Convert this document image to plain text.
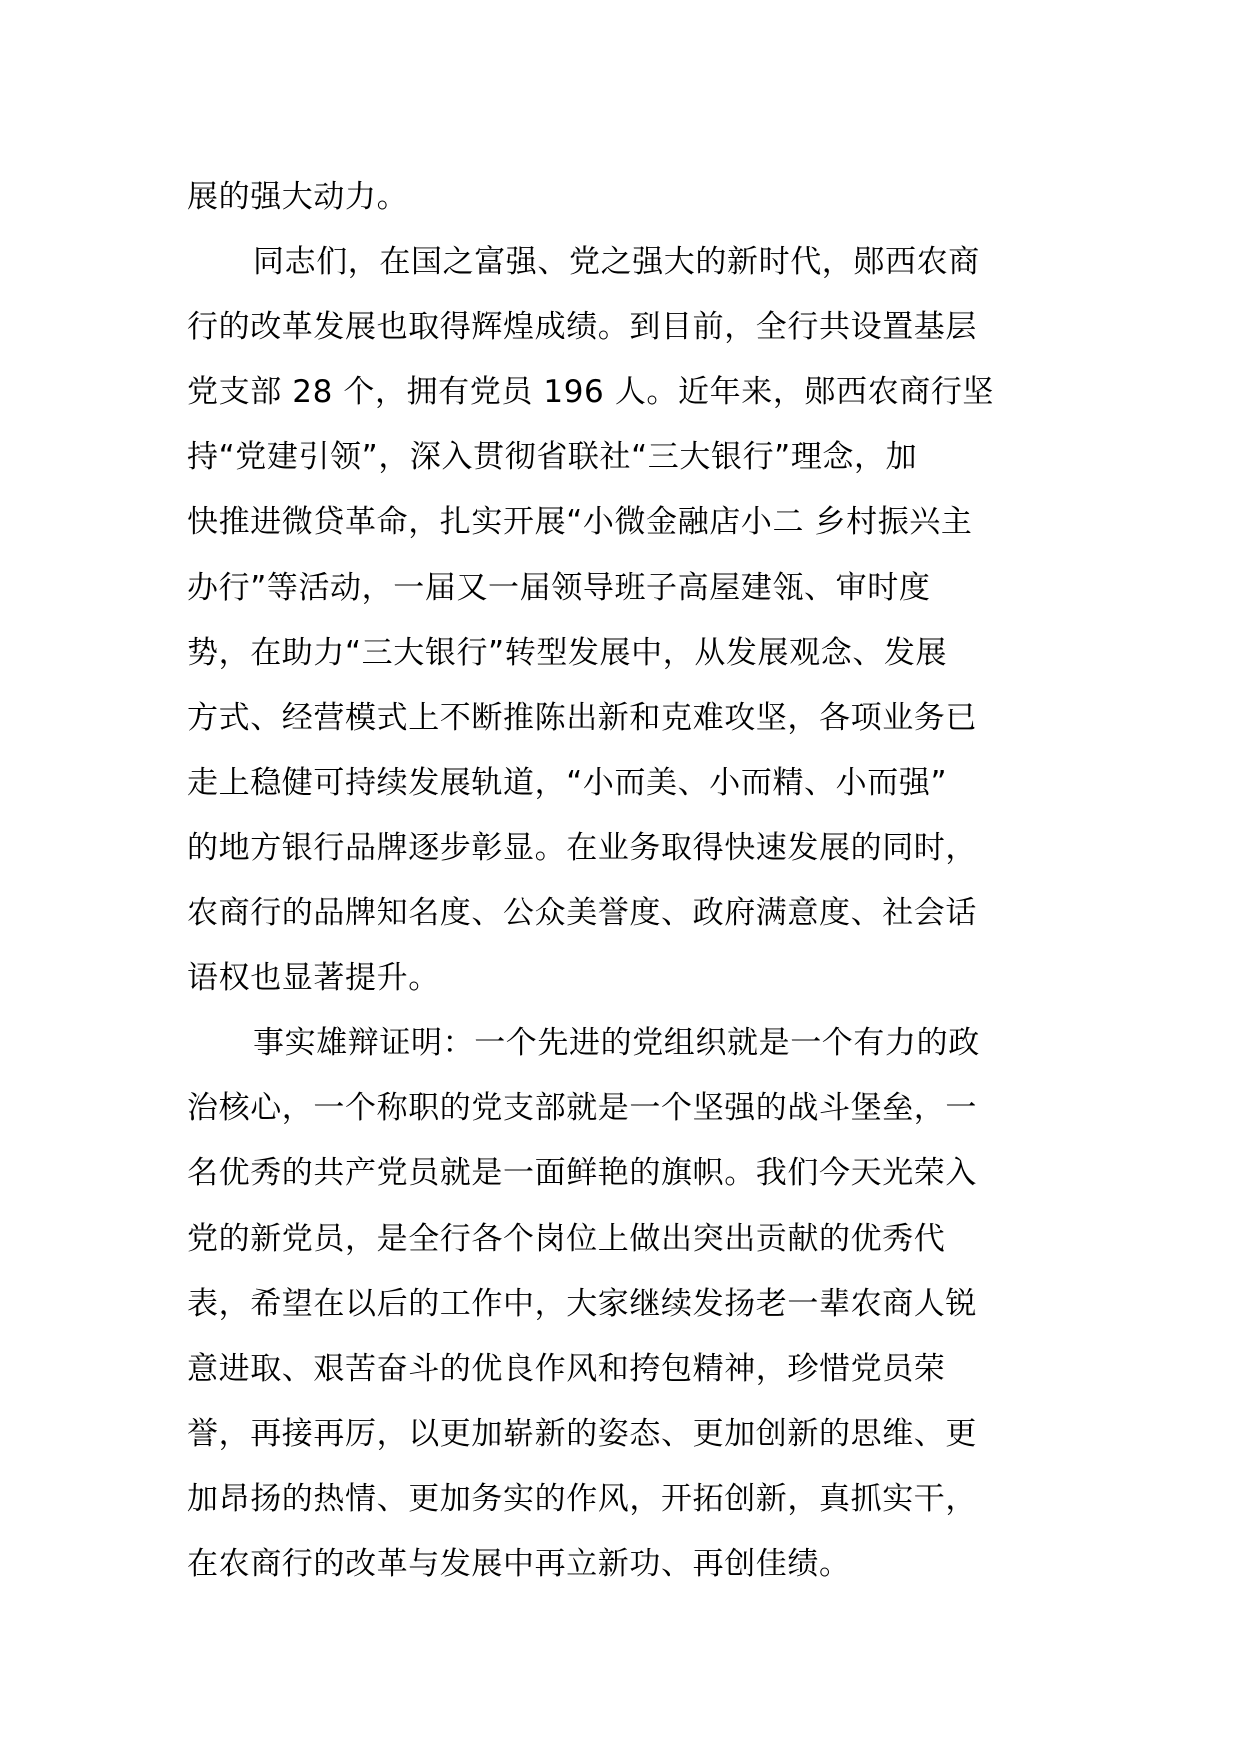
展的强大动力。
同志们，在国之富强、党之强大的新时代，郧西农商
行的改革发展也取得辉煌成绩。到目前，全行共设置基层
党支部 28 个，拥有党员 196 人。近年来，郧西农商行坚
持“党建引领”，深入贯彻省联社“三大银行”理念，加
快推进微贷革命，扎实开展“小微金融店小二 乡村振兴主
办行”等活动，一届又一届领导班子高屋建瓴、审时度
势，在助力“三大银行”转型发展中，从发展观念、发展
方式、经营模式上不断推陈出新和克难攻坚，各项业务已
走上稳健可持续发展轨道，“小而美、小而精、小而强”
的地方银行品牌逐步彰显。在业务取得快速发展的同时，
农商行的品牌知名度、公众美誉度、政府满意度、社会话
语权也显著提升。
事实雄辩证明：一个先进的党组织就是一个有力的政
治核心，一个称职的党支部就是一个坚强的战斗堡垒，一
名优秀的共产党员就是一面鲜艳的旗帜。我们今天光荣入
党的新党员，是全行各个岗位上做出突出贡献的优秀代
表，希望在以后的工作中，大家继续发扬老一辈农商人锐
意进取、艰苦奋斗的优良作风和挎包精神，珍惜党员荣
誉，再接再厉，以更加崭新的姿态、更加创新的思维、更
加昂扬的热情、更加务实的作风，开拓创新，真抓实干，
在农商行的改革与发展中再立新功、再创佳绩。
